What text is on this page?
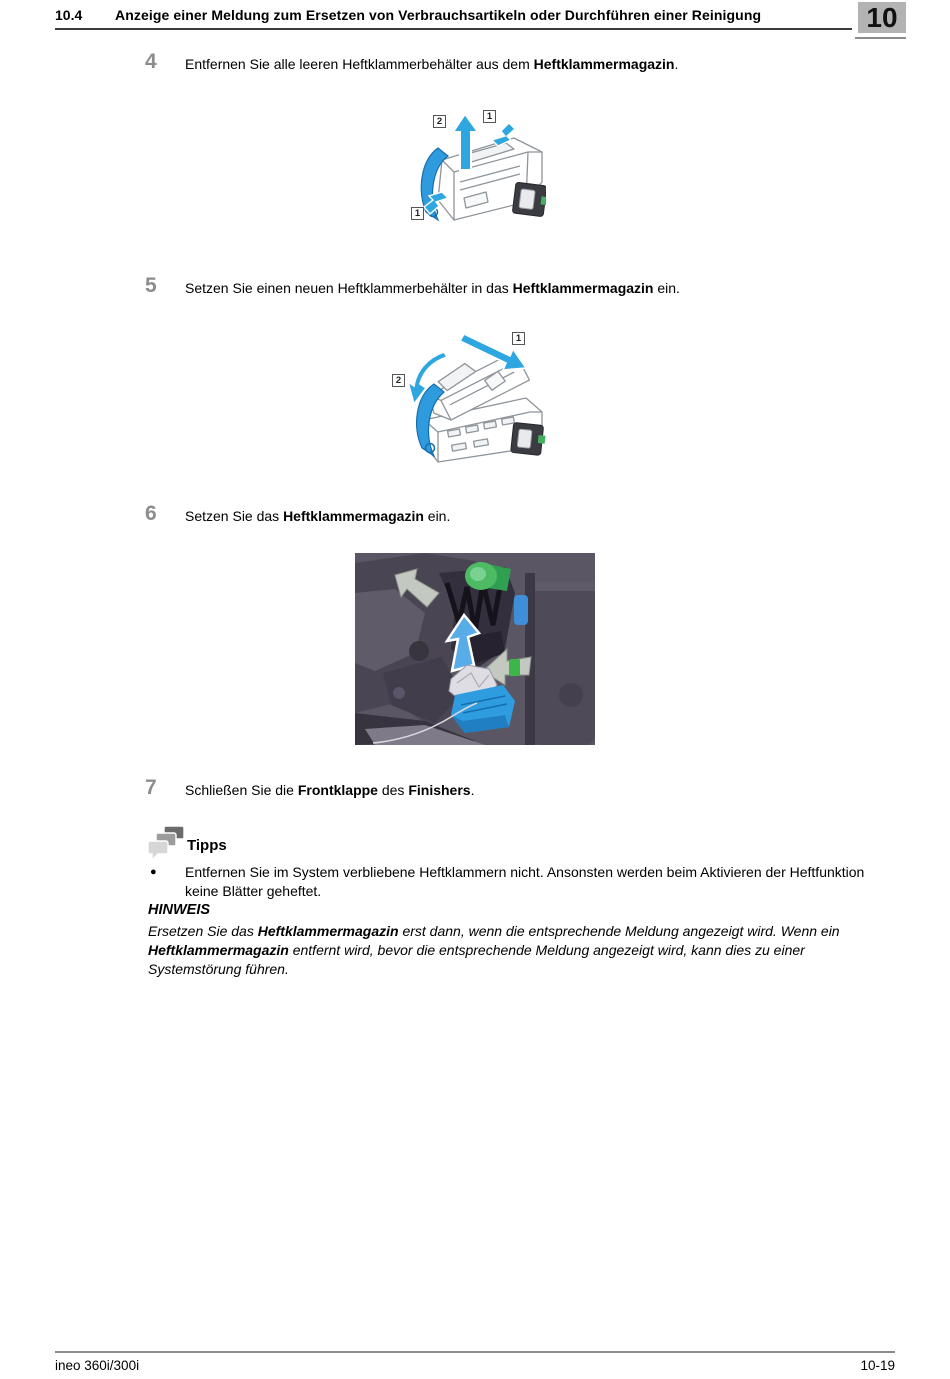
10.4 Anzeige einer Meldung zum Ersetzen von Verbrauchsartikeln oder Durchführen einer Reinigung	10
4	Entfernen Sie alle leeren Heftklammerbehälter aus dem Heftklammermagazin.
2	1
1
5	Setzen Sie einen neuen Heftklammerbehälter in das Heftklammermagazin ein.
1
2
6	Setzen Sie das Heftklammermagazin ein.
7	Schließen Sie die Frontklappe des Finishers.
Tipps
● Entfernen Sie im System verbliebene Heftklammern nicht. Ansonsten werden beim Aktivieren der Heftfunktion keine Blätter geheftet.
HINWEIS
Ersetzen Sie das Heftklammermagazin erst dann, wenn die entsprechende Meldung angezeigt wird. Wenn ein Heftklammermagazin entfernt wird, bevor die entsprechende Meldung angezeigt wird, kann dies zu einer Systemstörung führen.
ineo 360i/300i	10-19
